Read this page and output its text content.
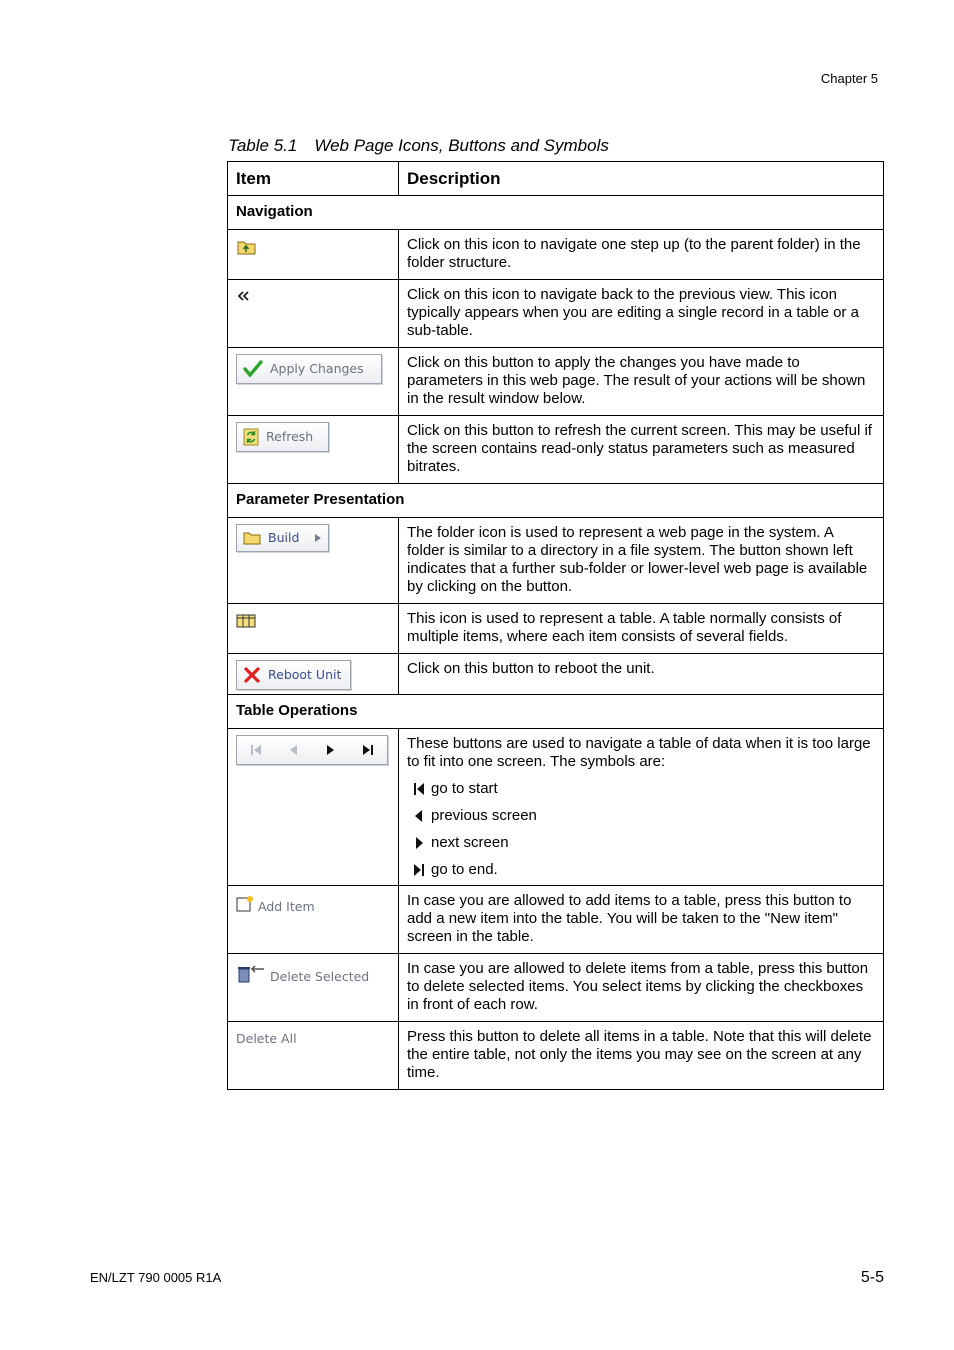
Chapter 5
Table 5.1 Web Page Icons, Buttons and Symbols
Item	Description
Navigation	
	Click on this icon to navigate one step up (to the parent folder) in the folder structure.
	Click on this icon to navigate back to the previous view. This icon typically appears when you are editing a single record in a table or a sub-table.

Apply Changes	Click on this button to apply the changes you have made to parameters in this web page. The result of your actions will be shown in the result window below.

Refresh	Click on this button to refresh the current screen. This may be useful if the screen contains read-only status parameters such as measured bitrates.
Parameter Presentation	

Build	The folder icon is used to represent a web page in the system. A folder is similar to a directory in a file system. The button shown left indicates that a further sub-folder or lower-level web page is available by clicking on the button.
	This icon is used to represent a table. A table normally consists of multiple items, where each item consists of several fields.

Reboot Unit	Click on this button to reboot the unit.
Table Operations	

These buttons are used to navigate a table of data when it is too large to fit into one screen. The symbols are:
go to start
previous screen
next screen
go to end.

Add Item	In case you are allowed to add items to a table, press this button to add a new item into the table. You will be taken to the "New item" screen in the table.

Delete Selected	In case you are allowed to delete items from a table, press this button to delete selected items. You select items by clicking the checkboxes in front of each row.

Delete All	Press this button to delete all items in a table. Note that this will delete the entire table, not only the items you may see on the screen at any time.
EN/LZT 790 0005 R1A	5-5
